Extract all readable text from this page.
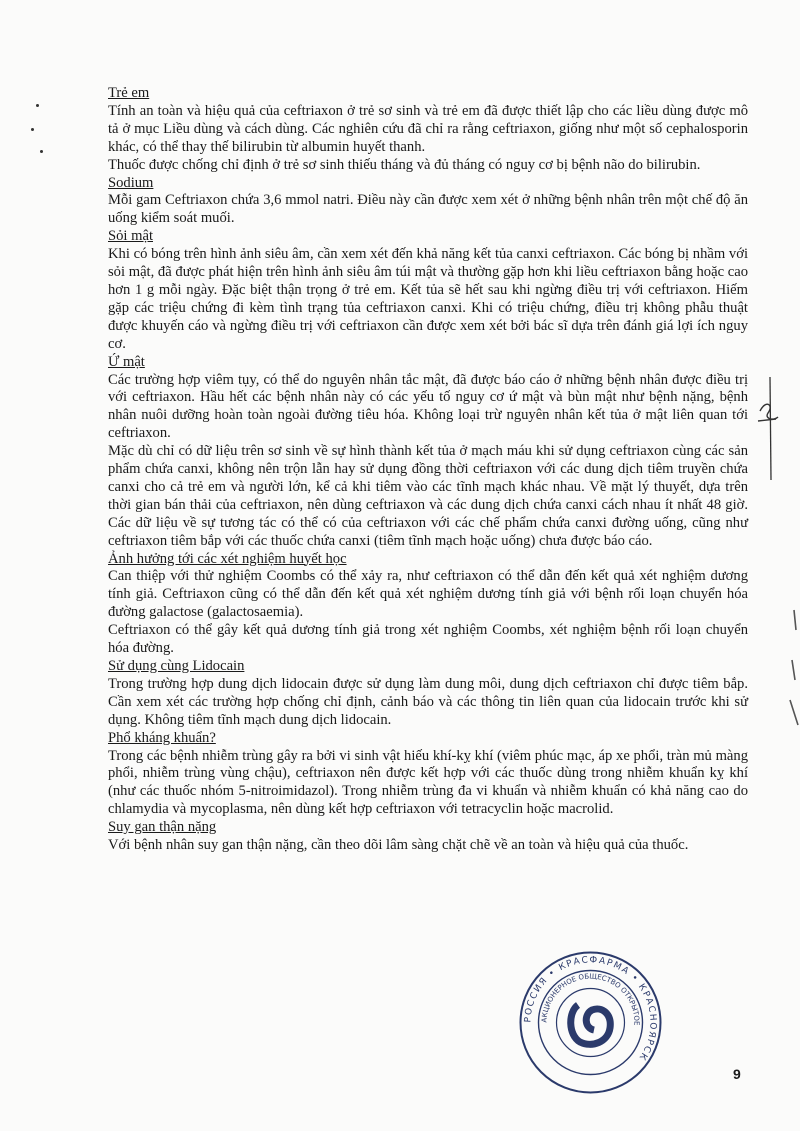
Trẻ em

Tính an toàn và hiệu quả của ceftriaxon ở trẻ sơ sinh và trẻ em đã được thiết lập cho các liều dùng được mô tả ở mục Liều dùng và cách dùng. Các nghiên cứu đã chỉ ra rằng ceftriaxon, giống như một số cephalosporin khác, có thể thay thế bilirubin từ albumin huyết thanh.

Thuốc được chống chỉ định ở trẻ sơ sinh thiếu tháng và đủ tháng có nguy cơ bị bệnh não do bilirubin.

Sodium

Mỗi gam Ceftriaxon chứa 3,6 mmol natri. Điều này cần được xem xét ở những bệnh nhân trên một chế độ ăn uống kiểm soát muối.

Sỏi mật

Khi có bóng trên hình ảnh siêu âm, cần xem xét đến khả năng kết tủa canxi ceftriaxon. Các bóng bị nhầm với sỏi mật, đã được phát hiện trên hình ảnh siêu âm túi mật và thường gặp hơn khi liều ceftriaxon bằng hoặc cao hơn 1 g mỗi ngày. Đặc biệt thận trọng ở trẻ em. Kết tủa sẽ hết sau khi ngừng điều trị với ceftriaxon. Hiếm gặp các triệu chứng đi kèm tình trạng tủa ceftriaxon canxi. Khi có triệu chứng, điều trị không phẫu thuật được khuyến cáo và ngừng điều trị với ceftriaxon cần được xem xét bởi bác sĩ dựa trên đánh giá lợi ích nguy cơ.

Ứ mật

Các trường hợp viêm tụy, có thể do nguyên nhân tắc mật, đã được báo cáo ở những bệnh nhân được điều trị với ceftriaxon. Hầu hết các bệnh nhân này có các yếu tố nguy cơ ứ mật và bùn mật như bệnh nặng, bệnh nhân nuôi dưỡng hoàn toàn ngoài đường tiêu hóa. Không loại trừ nguyên nhân kết tủa ở mật liên quan tới ceftriaxon.

Mặc dù chỉ có dữ liệu trên sơ sinh về sự hình thành kết tủa ở mạch máu khi sử dụng ceftriaxon cùng các sản phẩm chứa canxi, không nên trộn lẫn hay sử dụng đồng thời ceftriaxon với các dung dịch tiêm truyền chứa canxi cho cả trẻ em và người lớn, kể cả khi tiêm vào các tĩnh mạch khác nhau. Về mặt lý thuyết, dựa trên thời gian bán thải của ceftriaxon, nên dùng ceftriaxon và các dung dịch chứa canxi cách nhau ít nhất 48 giờ. Các dữ liệu về sự tương tác có thể có của ceftriaxon với các chế phẩm chứa canxi đường uống, cũng như ceftriaxon tiêm bắp với các thuốc chứa canxi (tiêm tĩnh mạch hoặc uống) chưa được báo cáo.

Ảnh hưởng tới các xét nghiệm huyết học

Can thiệp với thử nghiệm Coombs có thể xảy ra, như ceftriaxon có thể dẫn đến kết quả xét nghiệm dương tính giả. Ceftriaxon cũng có thể dẫn đến kết quả xét nghiệm dương tính giả với bệnh rối loạn chuyển hóa đường galactose (galactosaemia).

Ceftriaxon có thể gây kết quả dương tính giả trong xét nghiệm Coombs, xét nghiệm bệnh rối loạn chuyển hóa đường.

Sử dụng cùng Lidocain

Trong trường hợp dung dịch lidocain được sử dụng làm dung môi, dung dịch ceftriaxon chỉ được tiêm bắp. Cần xem xét các trường hợp chống chỉ định, cảnh báo và các thông tin liên quan của lidocain trước khi sử dụng. Không tiêm tĩnh mạch dung dịch lidocain.

Phổ kháng khuẩn?

Trong các bệnh nhiễm trùng gây ra bởi vi sinh vật hiếu khí-kỵ khí (viêm phúc mạc, áp xe phổi, tràn mủ màng phổi, nhiễm trùng vùng chậu), ceftriaxon nên được kết hợp với các thuốc dùng trong nhiễm khuẩn kỵ khí (như các thuốc nhóm 5-nitroimidazol). Trong nhiễm trùng đa vi khuẩn và nhiễm khuẩn có khả năng cao do chlamydia và mycoplasma, nên dùng kết hợp ceftriaxon với tetracyclin hoặc macrolid.

Suy gan thận nặng

Với bệnh nhân suy gan thận nặng, cần theo dõi lâm sàng chặt chẽ về an toàn và hiệu quả của thuốc.

РОССИЯ • КРАСФАРМА • КРАСНОЯРСК
АКЦИОНЕРНОЕ ОБЩЕСТВО ОТКРЫТОЕ
9
